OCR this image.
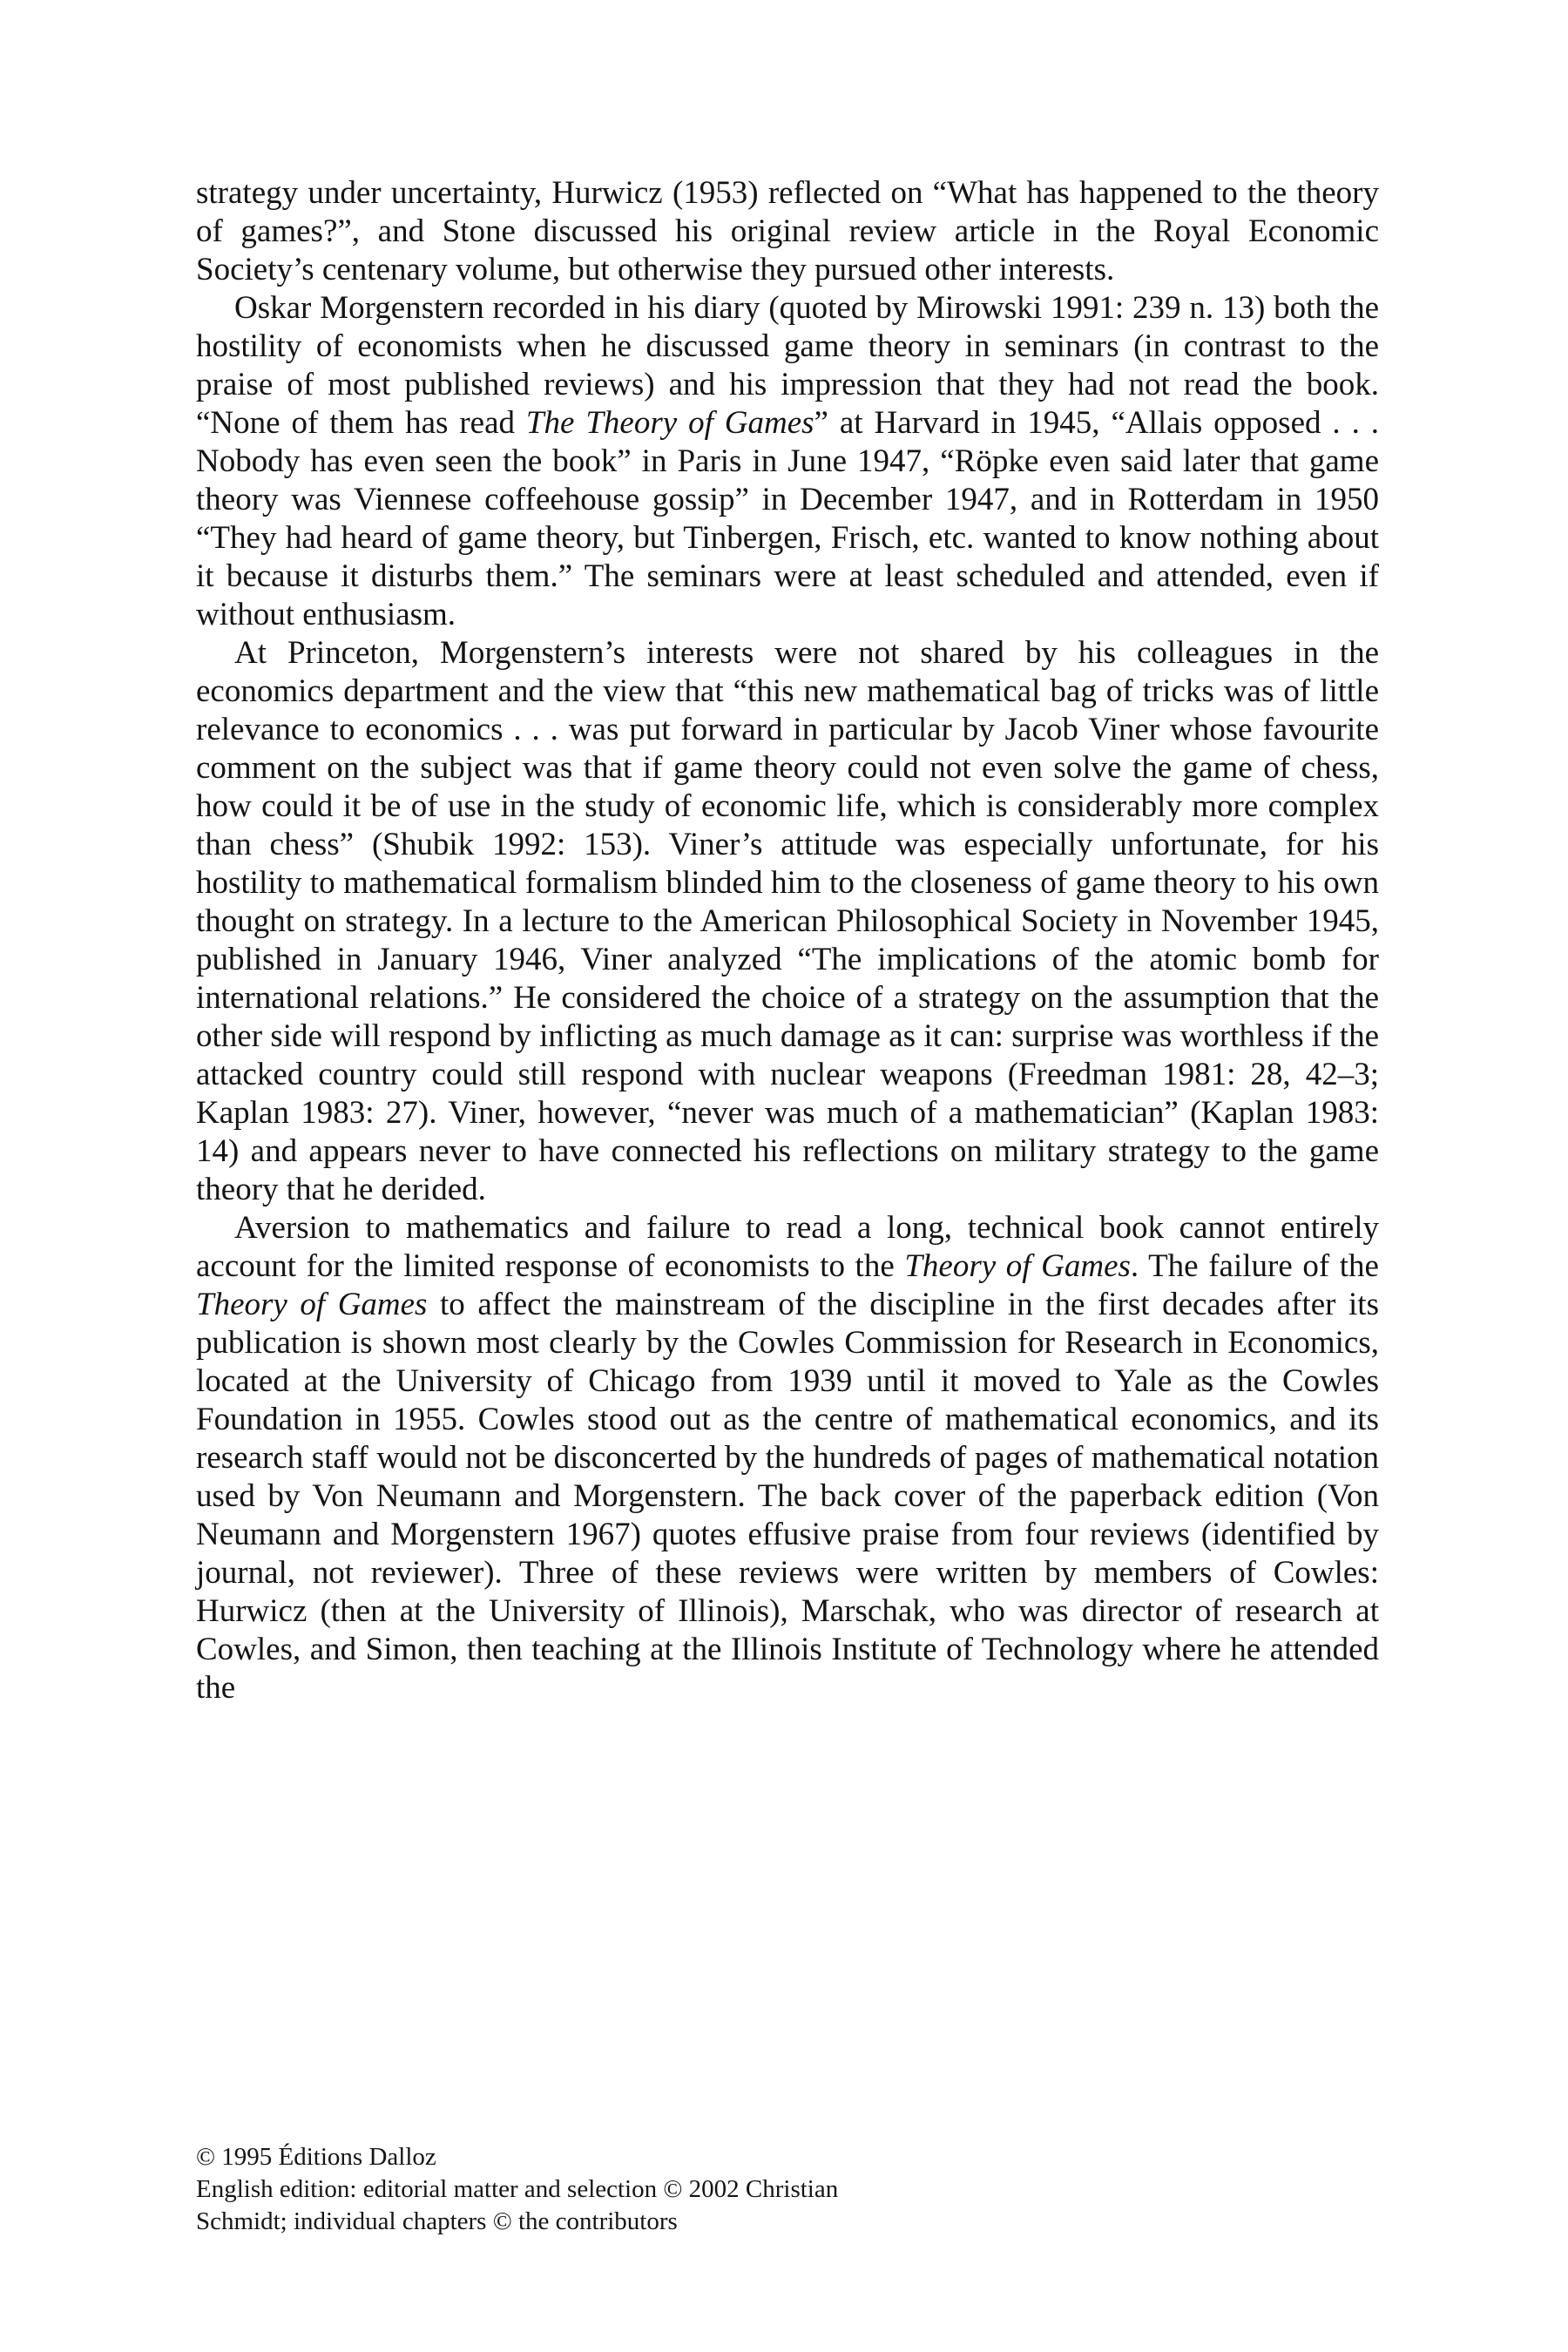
strategy under uncertainty, Hurwicz (1953) reflected on “What has happened to the theory of games?”, and Stone discussed his original review article in the Royal Economic Society’s centenary volume, but otherwise they pursued other interests.

Oskar Morgenstern recorded in his diary (quoted by Mirowski 1991: 239 n. 13) both the hostility of economists when he discussed game theory in seminars (in contrast to the praise of most published reviews) and his impression that they had not read the book. “None of them has read The Theory of Games” at Harvard in 1945, “Allais opposed . . . Nobody has even seen the book” in Paris in June 1947, “Röpke even said later that game theory was Viennese coffeehouse gossip” in December 1947, and in Rotterdam in 1950 “They had heard of game theory, but Tinbergen, Frisch, etc. wanted to know nothing about it because it disturbs them.” The seminars were at least scheduled and attended, even if without enthusiasm.

At Princeton, Morgenstern’s interests were not shared by his colleagues in the economics department and the view that “this new mathematical bag of tricks was of little relevance to economics . . . was put forward in particular by Jacob Viner whose favourite comment on the subject was that if game theory could not even solve the game of chess, how could it be of use in the study of economic life, which is considerably more complex than chess” (Shubik 1992: 153). Viner’s attitude was especially unfortunate, for his hostility to mathematical formalism blinded him to the closeness of game theory to his own thought on strategy. In a lecture to the American Philosophical Society in November 1945, published in January 1946, Viner analyzed “The implications of the atomic bomb for international relations.” He considered the choice of a strategy on the assumption that the other side will respond by inflicting as much damage as it can: surprise was worthless if the attacked country could still respond with nuclear weapons (Freedman 1981: 28, 42–3; Kaplan 1983: 27). Viner, however, “never was much of a mathematician” (Kaplan 1983: 14) and appears never to have connected his reflections on military strategy to the game theory that he derided.

Aversion to mathematics and failure to read a long, technical book cannot entirely account for the limited response of economists to the Theory of Games. The failure of the Theory of Games to affect the mainstream of the discipline in the first decades after its publication is shown most clearly by the Cowles Commission for Research in Economics, located at the University of Chicago from 1939 until it moved to Yale as the Cowles Foundation in 1955. Cowles stood out as the centre of mathematical economics, and its research staff would not be disconcerted by the hundreds of pages of mathematical notation used by Von Neumann and Morgenstern. The back cover of the paperback edition (Von Neumann and Morgenstern 1967) quotes effusive praise from four reviews (identified by journal, not reviewer). Three of these reviews were written by members of Cowles: Hurwicz (then at the University of Illinois), Marschak, who was director of research at Cowles, and Simon, then teaching at the Illinois Institute of Technology where he attended the

© 1995 Éditions Dalloz
English edition: editorial matter and selection © 2002 Christian
Schmidt; individual chapters © the contributors
